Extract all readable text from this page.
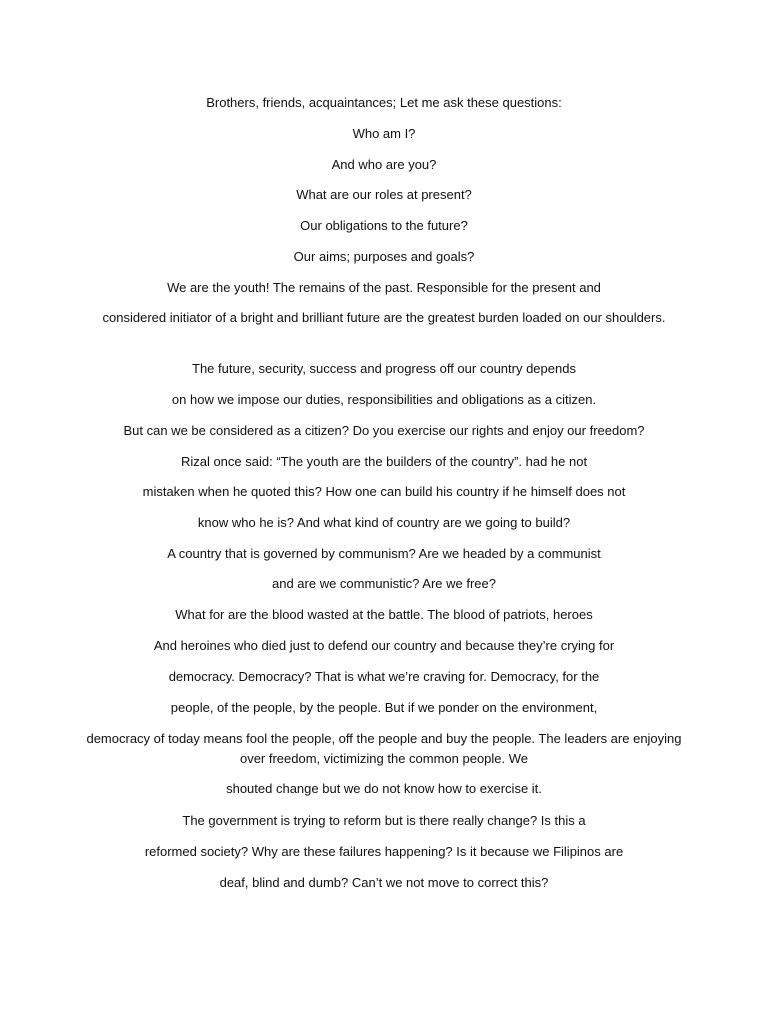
Brothers, friends, acquaintances; Let me ask these questions:
Who am I?
And who are you?
What are our roles at present?
Our obligations to the future?
Our aims; purposes and goals?
We are the youth! The remains of the past. Responsible for the present and
considered initiator of a bright and brilliant future are the greatest burden loaded on our shoulders.
The future, security, success and progress off our country depends
on how we impose our duties, responsibilities and obligations as a citizen.
But can we be considered as a citizen? Do you exercise our rights and enjoy our freedom?
Rizal once said: “The youth are the builders of the country”. had he not
mistaken when he quoted this? How one can build his country if he himself does not
know who he is? And what kind of country are we going to build?
A country that is governed by communism? Are we headed by a communist
and are we communistic? Are we free?
What for are the blood wasted at the battle. The blood of patriots, heroes
And heroines who died just to defend our country and because they’re crying for
democracy. Democracy? That is what we’re craving for. Democracy, for the
people, of the people, by the people. But if we ponder on the environment,
democracy of today means fool the people, off the people and buy the people. The leaders are enjoying over freedom, victimizing the common people. We
shouted change but we do not know how to exercise it.
The government is trying to reform but is there really change? Is this a
reformed society? Why are these failures happening? Is it because we Filipinos are
deaf, blind and dumb? Can’t we not move to correct this?
